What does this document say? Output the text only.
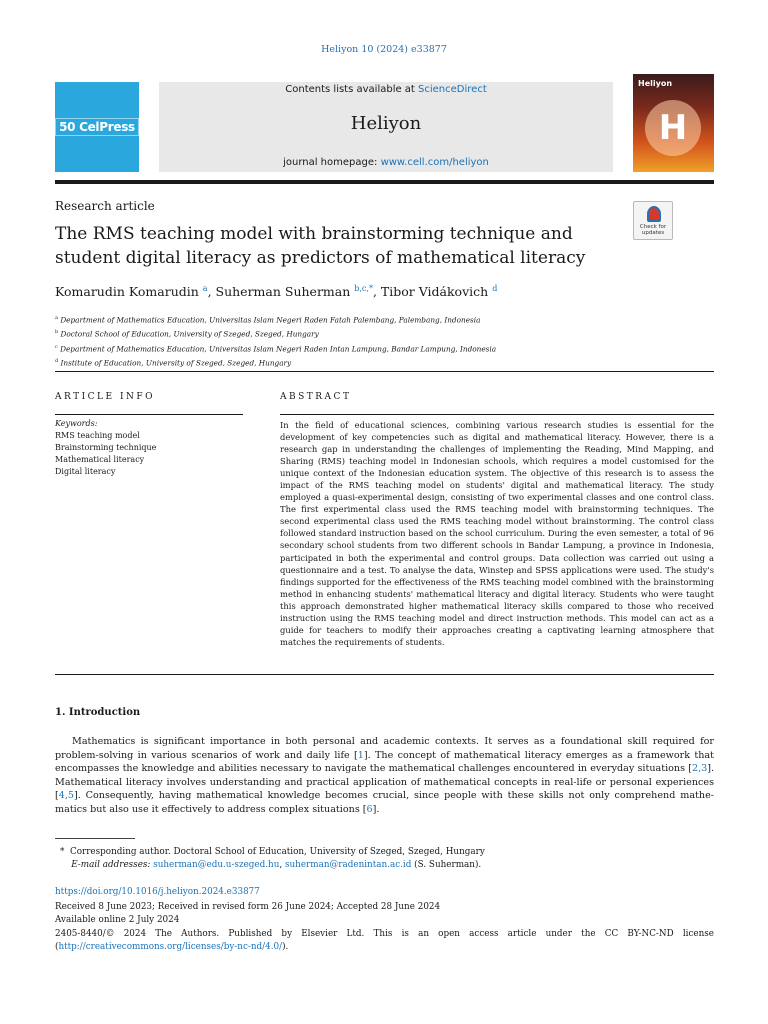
Heliyon 10 (2024) e33877
50 CelPress
Contents lists available at ScienceDirect
Heliyon
journal homepage: www.cell.com/heliyon
Heliyon
H
Research article
Check for
updates
The RMS teaching model with brainstorming technique and
student digital literacy as predictors of mathematical literacy
Komarudin Komarudin $^a$, Suherman Suherman $^{b,c,*}$, Tibor Vidákovich $^d$
$^a$ Department of Mathematics Education, Universitas Islam Negeri Raden Fatah Palembang, Palembang, Indonesia
$^b$ Doctoral School of Education, University of Szeged, Szeged, Hungary
$^c$ Department of Mathematics Education, Universitas Islam Negeri Raden Intan Lampung, Bandar Lampung, Indonesia
$^d$ Institute of Education, University of Szeged, Szeged, Hungary
ARTICLE INFO	ABSTRACT
Keywords:
RMS teaching model
Brainstorming technique
Mathematical literacy
Digital literacy
In the field of educational sciences, combining various research studies is essential for the development of key competencies such as digital and mathematical literacy. However, there is a research gap in understanding the challenges of implementing the Reading, Mind Mapping, and Sharing (RMS) teaching model in Indonesian schools, which requires a model customised for the unique context of the Indonesian education system. The objective of this research is to assess the impact of the RMS teaching model on students' digital and mathematical literacy. The study employed a quasi-experimental design, consisting of two experimental classes and one control class. The first experimental class used the RMS teaching model with brainstorming techniques. The second experimental class used the RMS teaching model without brainstorming. The control class followed standard instruction based on the school curriculum. During the even semester, a total of 96 secondary school students from two different schools in Bandar Lampung, a province in Indonesia, participated in both the experimental and control groups. Data collection was carried out using a questionnaire and a test. To analyse the data, Winstep and SPSS applications were used. The study's findings supported for the effectiveness of the RMS teaching model combined with the brainstorming method in enhancing students' mathematical literacy and digital literacy. Students who were taught this approach demonstrated higher mathematical literacy skills compared to those who received instruction using the RMS teaching model and direct instruction methods. This model can act as a guide for teachers to modify their approaches creating a captivating learning atmosphere that matches the requirements of students.
1. Introduction
Mathematics is significant importance in both personal and academic contexts. It serves as a foundational skill required for problem-solving in various scenarios of work and daily life [1]. The concept of mathematical literacy emerges as a framework that encompasses the knowledge and abilities necessary to navigate the mathematical challenges encountered in everyday situations [2,3]. Mathematical literacy involves understanding and practical application of mathematical concepts in real-life or personal experiences [4,5]. Consequently, having mathematical knowledge becomes crucial, since people with these skills not only comprehend mathe-matics but also use it effectively to address complex situations [6].
* Corresponding author. Doctoral School of Education, University of Szeged, Szeged, Hungary
E-mail addresses: suherman@edu.u-szeged.hu, suherman@radenintan.ac.id (S. Suherman).
https://doi.org/10.1016/j.heliyon.2024.e33877
Received 8 June 2023; Received in revised form 26 June 2024; Accepted 28 June 2024
Available online 2 July 2024
2405-8440/© 2024 The Authors. Published by Elsevier Ltd. This is an open access article under the CC BY-NC-ND license (http://creativecommons.org/licenses/by-nc-nd/4.0/).
